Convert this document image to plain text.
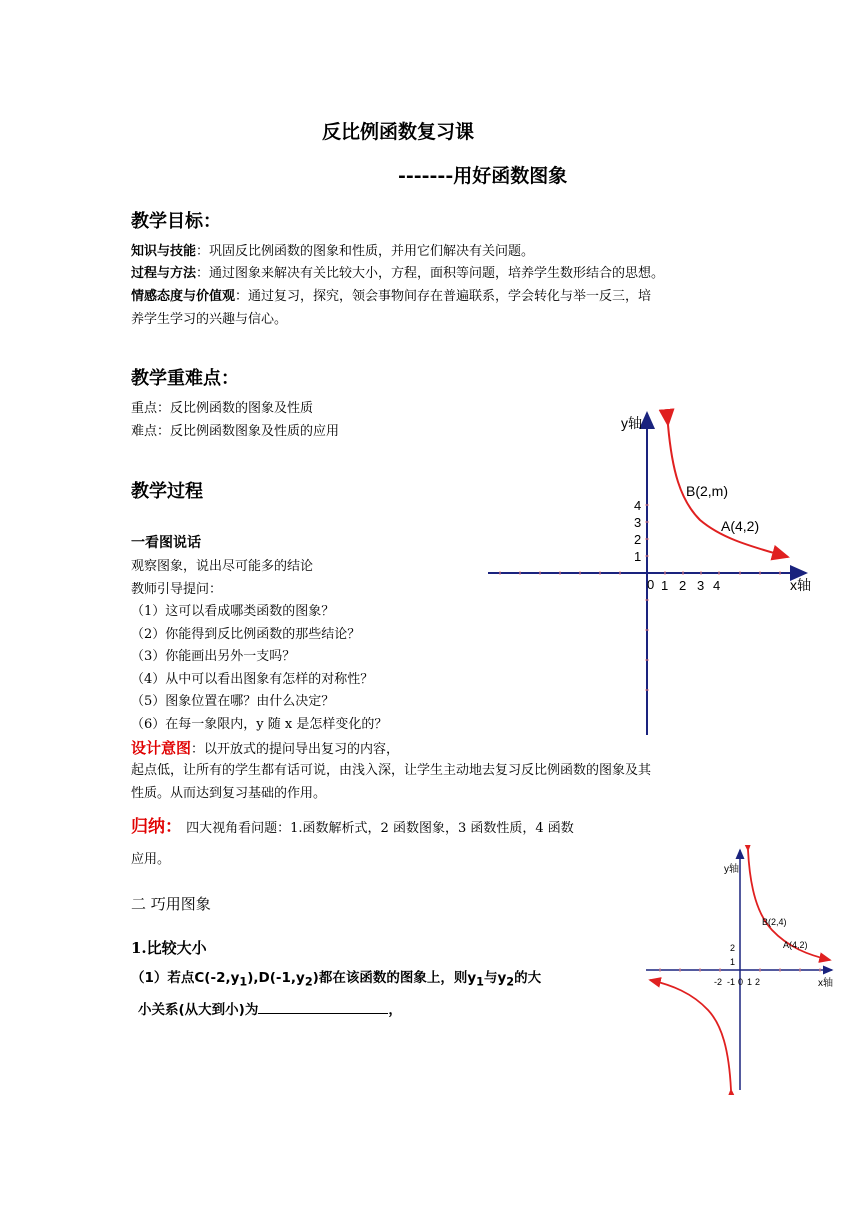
反比例函数复习课
-------用好函数图象
教学目标：
知识与技能：巩固反比例函数的图象和性质，并用它们解决有关问题。
过程与方法：通过图象来解决有关比较大小，方程，面积等问题，培养学生数形结合的思想。
情感态度与价值观：通过复习，探究，领会事物间存在普遍联系，学会转化与举一反三，培
养学生学习的兴趣与信心。
教学重难点：
重点：反比例函数的图象及性质
难点：反比例函数图象及性质的应用
教学过程
一看图说话
观察图象，说出尽可能多的结论
教师引导提问：
（1）这可以看成哪类函数的图象？
（2）你能得到反比例函数的那些结论？
（3）你能画出另外一支吗？
（4）从中可以看出图象有怎样的对称性？
（5）图象位置在哪？由什么决定？
（6）在每一象限内，y 随 x 是怎样变化的？
设计意图：以开放式的提问导出复习的内容，
起点低，让所有的学生都有话可说，由浅入深，让学生主动地去复习反比例函数的图象及其
性质。从而达到复习基础的作用。
归纳： 四大视角看问题：1.函数解析式，2 函数图象，3 函数性质，4 函数
应用。
二 巧用图象
1.比较大小
（1）若点$C(-2,y_1),D(-1,y_2)$都在该函数的图象上，则$y_1$与$y_2$的大
小关系(从大到小)为	，
y轴
x轴
0 1 2 3 4
1
2
3
4
B(2,m)
A(4,2)
y轴
x轴
-2 -1 0 1 2
1
2
B(2,4)
A(4,2)
